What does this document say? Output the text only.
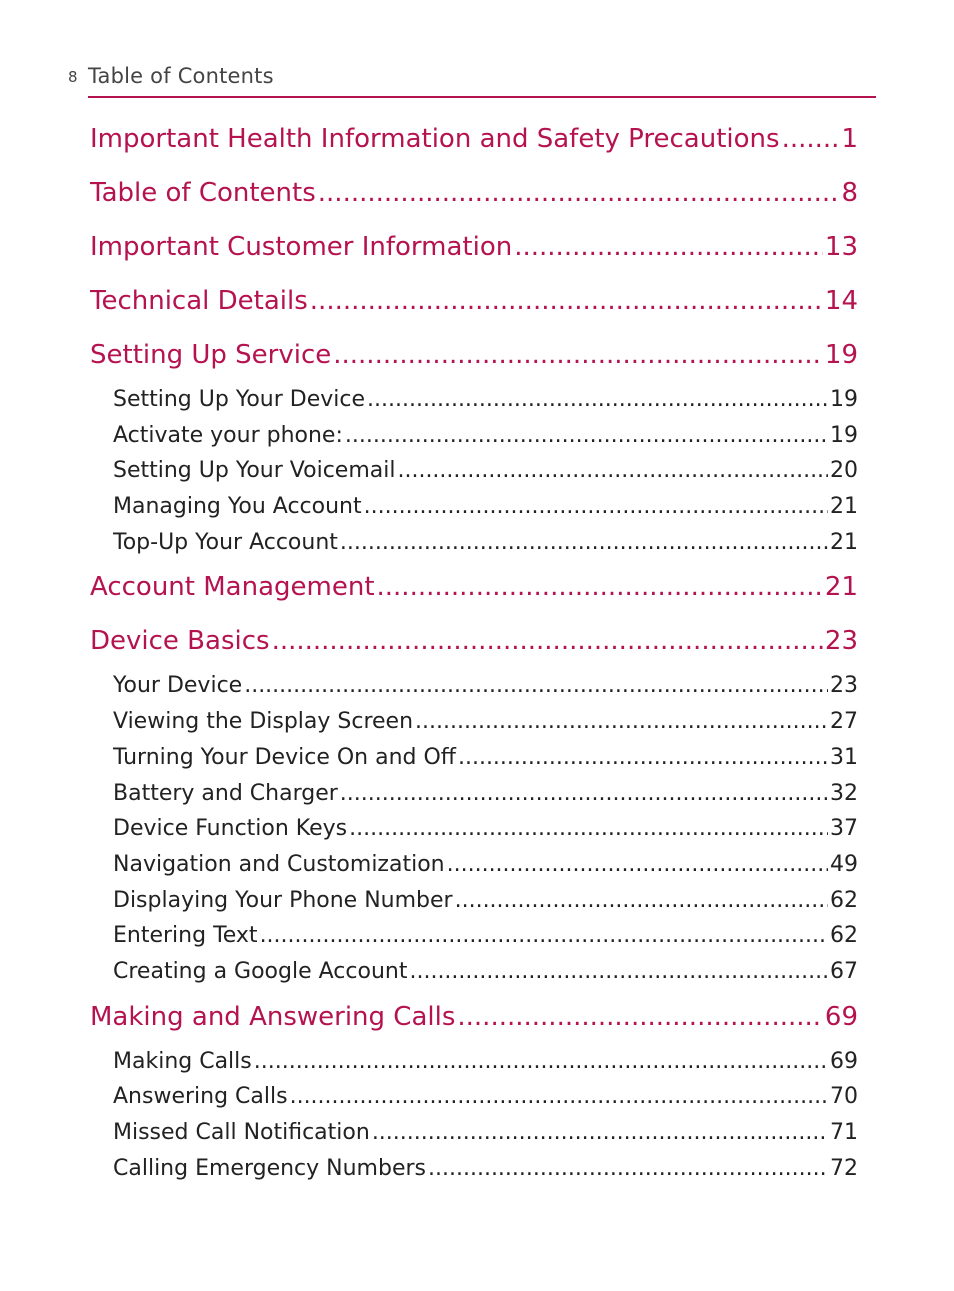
8 Table of Contents
Important Health Information and Safety Precautions ..... 1
Table of Contents .....	8
Important Customer Information .....	13
Technical Details .....	14
Setting Up Service .....	19
Setting Up Your Device .....	19
Activate your phone: .....	19
Setting Up Your Voicemail .....	20
Managing You Account .....	21
Top-Up Your Account .....	21
Account Management .....	21
Device Basics .....	23
Your Device .....	23
Viewing the Display Screen .....	27
Turning Your Device On and Off .....	31
Battery and Charger .....	32
Device Function Keys .....	37
Navigation and Customization .....	49
Displaying Your Phone Number .....	62
Entering Text .....	62
Creating a Google Account .....	67
Making and Answering Calls .....	69
Making Calls .....	69
Answering Calls .....	70
Missed Call Notification .....	71
Calling Emergency Numbers .....	72
